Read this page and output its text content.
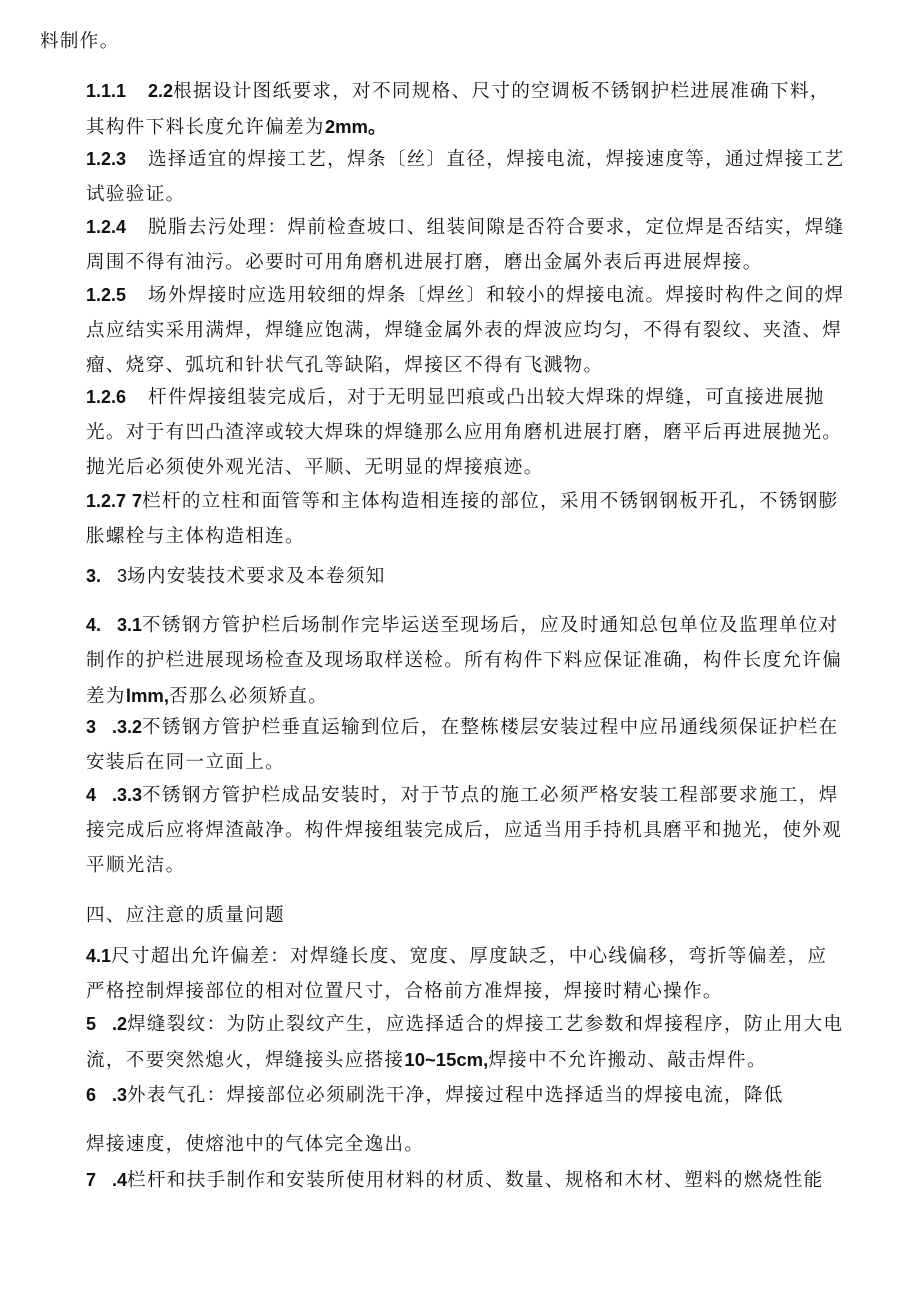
料制作。

1.1.1 2.2根据设计图纸要求，对不同规格、尺寸的空调板不锈钢护栏进展准确下料，其构件下料长度允许偏差为2mm。

1.2.3 选择适宜的焊接工艺，焊条〔丝〕直径，焊接电流，焊接速度等，通过焊接工艺试验验证。

1.2.4 脱脂去污处理：焊前检查坡口、组装间隙是否符合要求，定位焊是否结实，焊缝周围不得有油污。必要时可用角磨机进展打磨，磨出金属外表后再进展焊接。

1.2.5 场外焊接时应选用较细的焊条〔焊丝〕和较小的焊接电流。焊接时构件之间的焊点应结实采用满焊，焊缝应饱满，焊缝金属外表的焊波应均匀，不得有裂纹、夹渣、焊瘤、烧穿、弧坑和针状气孔等缺陷，焊接区不得有飞溅物。

1.2.6 杆件焊接组装完成后，对于无明显凹痕或凸出较大焊珠的焊缝，可直接进展抛光。对于有凹凸渣滓或较大焊珠的焊缝那么应用角磨机进展打磨，磨平后再进展抛光。抛光后必须使外观光洁、平顺、无明显的焊接痕迹。

1.2.7 7栏杆的立柱和面管等和主体构造相连接的部位，采用不锈钢钢板开孔，不锈钢膨胀螺栓与主体构造相连。

3. 3场内安装技术要求及本卷须知

4. 3.1不锈钢方管护栏后场制作完毕运送至现场后，应及时通知总包单位及监理单位对制作的护栏进展现场检查及现场取样送检。所有构件下料应保证准确，构件长度允许偏差为lmm,否那么必须矫直。

3 .3.2不锈钢方管护栏垂直运输到位后，在整栋楼层安装过程中应吊通线须保证护栏在安装后在同一立面上。

4 .3.3不锈钢方管护栏成品安装时，对于节点的施工必须严格安装工程部要求施工，焊接完成后应将焊渣敲净。构件焊接组装完成后，应适当用手持机具磨平和抛光，使外观平顺光洁。

四、应注意的质量问题

4.1尺寸超出允许偏差：对焊缝长度、宽度、厚度缺乏，中心线偏移，弯折等偏差，应严格控制焊接部位的相对位置尺寸，合格前方准焊接，焊接时精心操作。

5 .2焊缝裂纹：为防止裂纹产生，应选择适合的焊接工艺参数和焊接程序，防止用大电流，不要突然熄火，焊缝接头应搭接10~15cm,焊接中不允许搬动、敲击焊件。

6 .3外表气孔：焊接部位必须刷洗干净，焊接过程中选择适当的焊接电流，降低

焊接速度，使熔池中的气体完全逸出。

7 .4栏杆和扶手制作和安装所使用材料的材质、数量、规格和木材、塑料的燃烧性能
